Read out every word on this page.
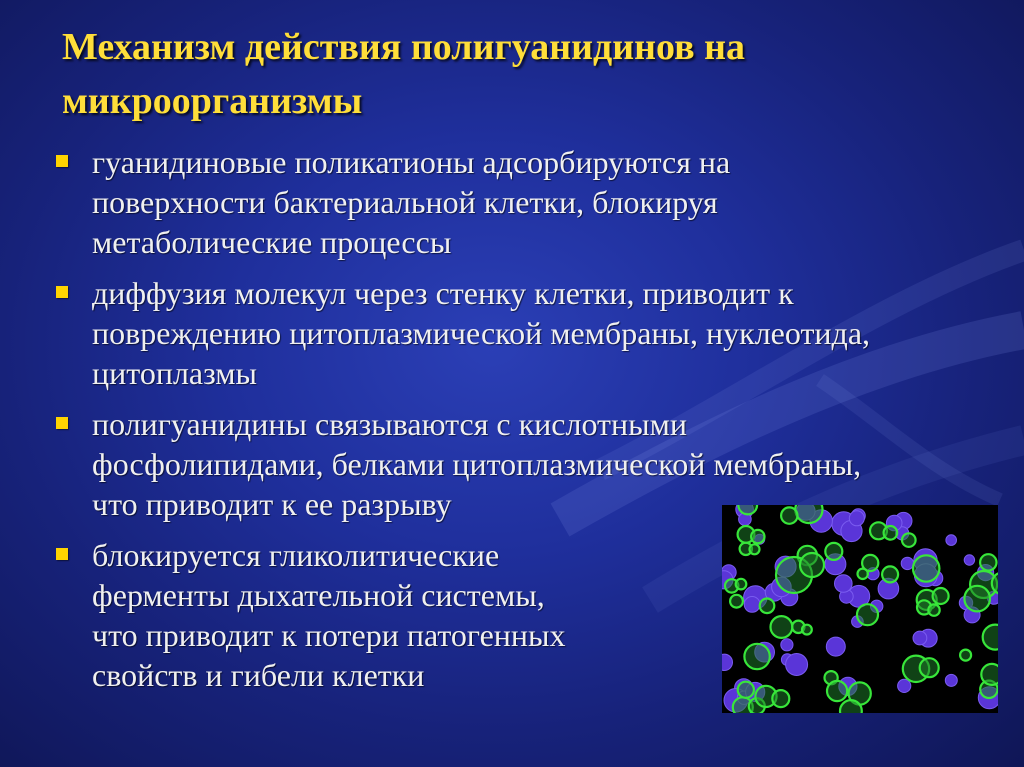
Механизм действия полигуанидинов на
микроорганизмы
гуанидиновые поликатионы адсорбируются на
поверхности бактериальной клетки, блокируя
метаболические процессы
диффузия молекул через стенку клетки, приводит к
повреждению цитоплазмической мембраны, нуклеотида,
цитоплазмы
полигуанидины связываются с кислотными
фосфолипидами, белками цитоплазмической мембраны,
что приводит к ее разрыву
блокируется гликолитические
ферменты дыхательной системы,
что приводит к потери патогенных
свойств и гибели клетки
